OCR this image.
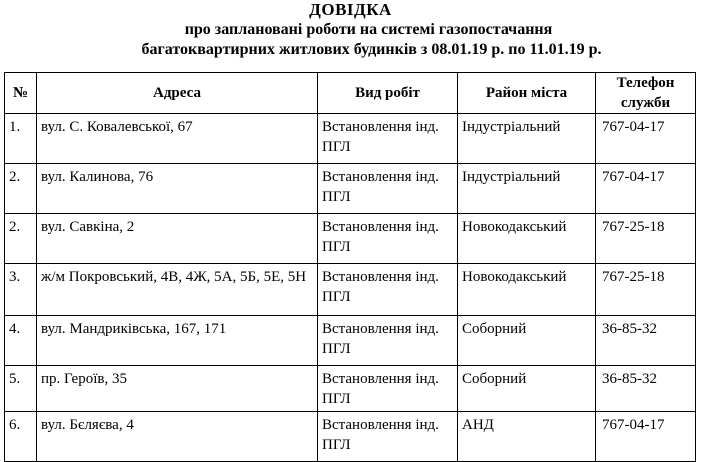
ДОВІДКА
про заплановані роботи на системі газопостачання
багатоквартирних житлових будинків з 08.01.19 р. по 11.01.19 р.
№	Адреса	Вид робіт	Район міста	Телефон служби
1.	вул. С. Ковалевської, 67	Встановлення інд. ПГЛ	Індустріальний	767-04-17
2.	вул. Калинова, 76	Встановлення інд. ПГЛ	Індустріальний	767-04-17
2.	вул. Савкіна, 2	Встановлення інд. ПГЛ	Новокодакський	767-25-18
3.	ж/м Покровський, 4В, 4Ж, 5А, 5Б, 5Е, 5Н	Встановлення інд. ПГЛ	Новокодакський	767-25-18
4.	вул. Мандриківська, 167, 171	Встановлення інд. ПГЛ	Соборний	36-85-32
5.	пр. Героїв, 35	Встановлення інд. ПГЛ	Соборний	36-85-32
6.	вул. Бєляєва, 4	Встановлення інд. ПГЛ	АНД	767-04-17
